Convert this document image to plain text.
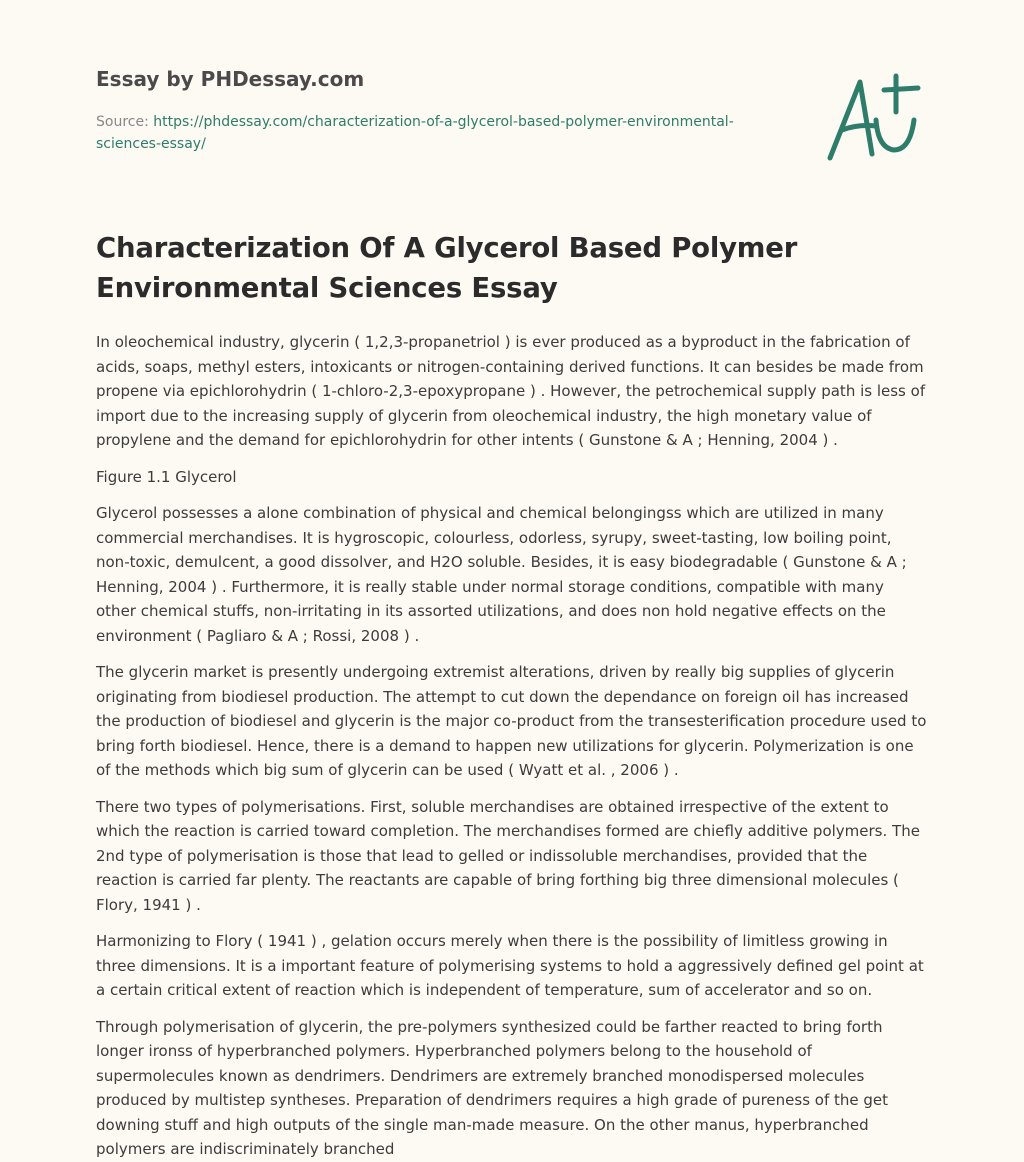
Essay by PHDessay.com
Source: https://phdessay.com/characterization-of-a-glycerol-based-polymer-environmental-sciences-essay/
Characterization Of A Glycerol Based Polymer Environmental Sciences Essay

In oleochemical industry, glycerin ( 1,2,3-propanetriol ) is ever produced as a byproduct in the fabrication of acids, soaps, methyl esters, intoxicants or nitrogen-containing derived functions. It can besides be made from propene via epichlorohydrin ( 1-chloro-2,3-epoxypropane ) . However, the petrochemical supply path is less of import due to the increasing supply of glycerin from oleochemical industry, the high monetary value of propylene and the demand for epichlorohydrin for other intents ( Gunstone & A ; Henning, 2004 ) .

Figure 1.1 Glycerol

Glycerol possesses a alone combination of physical and chemical belongingss which are utilized in many commercial merchandises. It is hygroscopic, colourless, odorless, syrupy, sweet-tasting, low boiling point, non-toxic, demulcent, a good dissolver, and H2O soluble. Besides, it is easy biodegradable ( Gunstone & A ; Henning, 2004 ) . Furthermore, it is really stable under normal storage conditions, compatible with many other chemical stuffs, non-irritating in its assorted utilizations, and does non hold negative effects on the environment ( Pagliaro & A ; Rossi, 2008 ) .

The glycerin market is presently undergoing extremist alterations, driven by really big supplies of glycerin originating from biodiesel production. The attempt to cut down the dependance on foreign oil has increased the production of biodiesel and glycerin is the major co-product from the transesterification procedure used to bring forth biodiesel. Hence, there is a demand to happen new utilizations for glycerin. Polymerization is one of the methods which big sum of glycerin can be used ( Wyatt et al. , 2006 ) .

There two types of polymerisations. First, soluble merchandises are obtained irrespective of the extent to which the reaction is carried toward completion. The merchandises formed are chiefly additive polymers. The 2nd type of polymerisation is those that lead to gelled or indissoluble merchandises, provided that the reaction is carried far plenty. The reactants are capable of bring forthing big three dimensional molecules ( Flory, 1941 ) .

Harmonizing to Flory ( 1941 ) , gelation occurs merely when there is the possibility of limitless growing in three dimensions. It is a important feature of polymerising systems to hold a aggressively defined gel point at a certain critical extent of reaction which is independent of temperature, sum of accelerator and so on.

Through polymerisation of glycerin, the pre-polymers synthesized could be farther reacted to bring forth longer ironss of hyperbranched polymers. Hyperbranched polymers belong to the household of supermolecules known as dendrimers. Dendrimers are extremely branched monodispersed molecules produced by multistep syntheses. Preparation of dendrimers requires a high grade of pureness of the get downing stuff and high outputs of the single man-made measure. On the other manus, hyperbranched polymers are indiscriminately branched
